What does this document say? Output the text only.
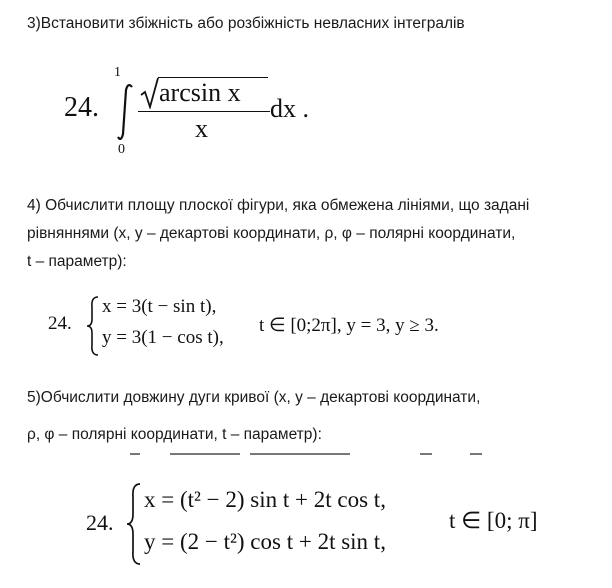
3)Встановити збіжність або розбіжність невласних інтегралів
24.
1
0
arcsin x
x
dx .
4) Обчислити площу плоскої фігури, яка обмежена лініями, що задані
рівняннями (x, y – декартові координати, ρ, φ – полярні координати,
t – параметр):
24.
x = 3(t − sin t),
y = 3(1 − cos t),
t ∈ [0;2π], y = 3, y ≥ 3.
5)Обчислити довжину дуги кривої (x, y – декартові координати,
ρ, φ – полярні координати, t – параметр):
24.
x = (t² − 2) sin t + 2t cos t,
y = (2 − t²) cos t + 2t sin t,
t ∈ [0; π]
